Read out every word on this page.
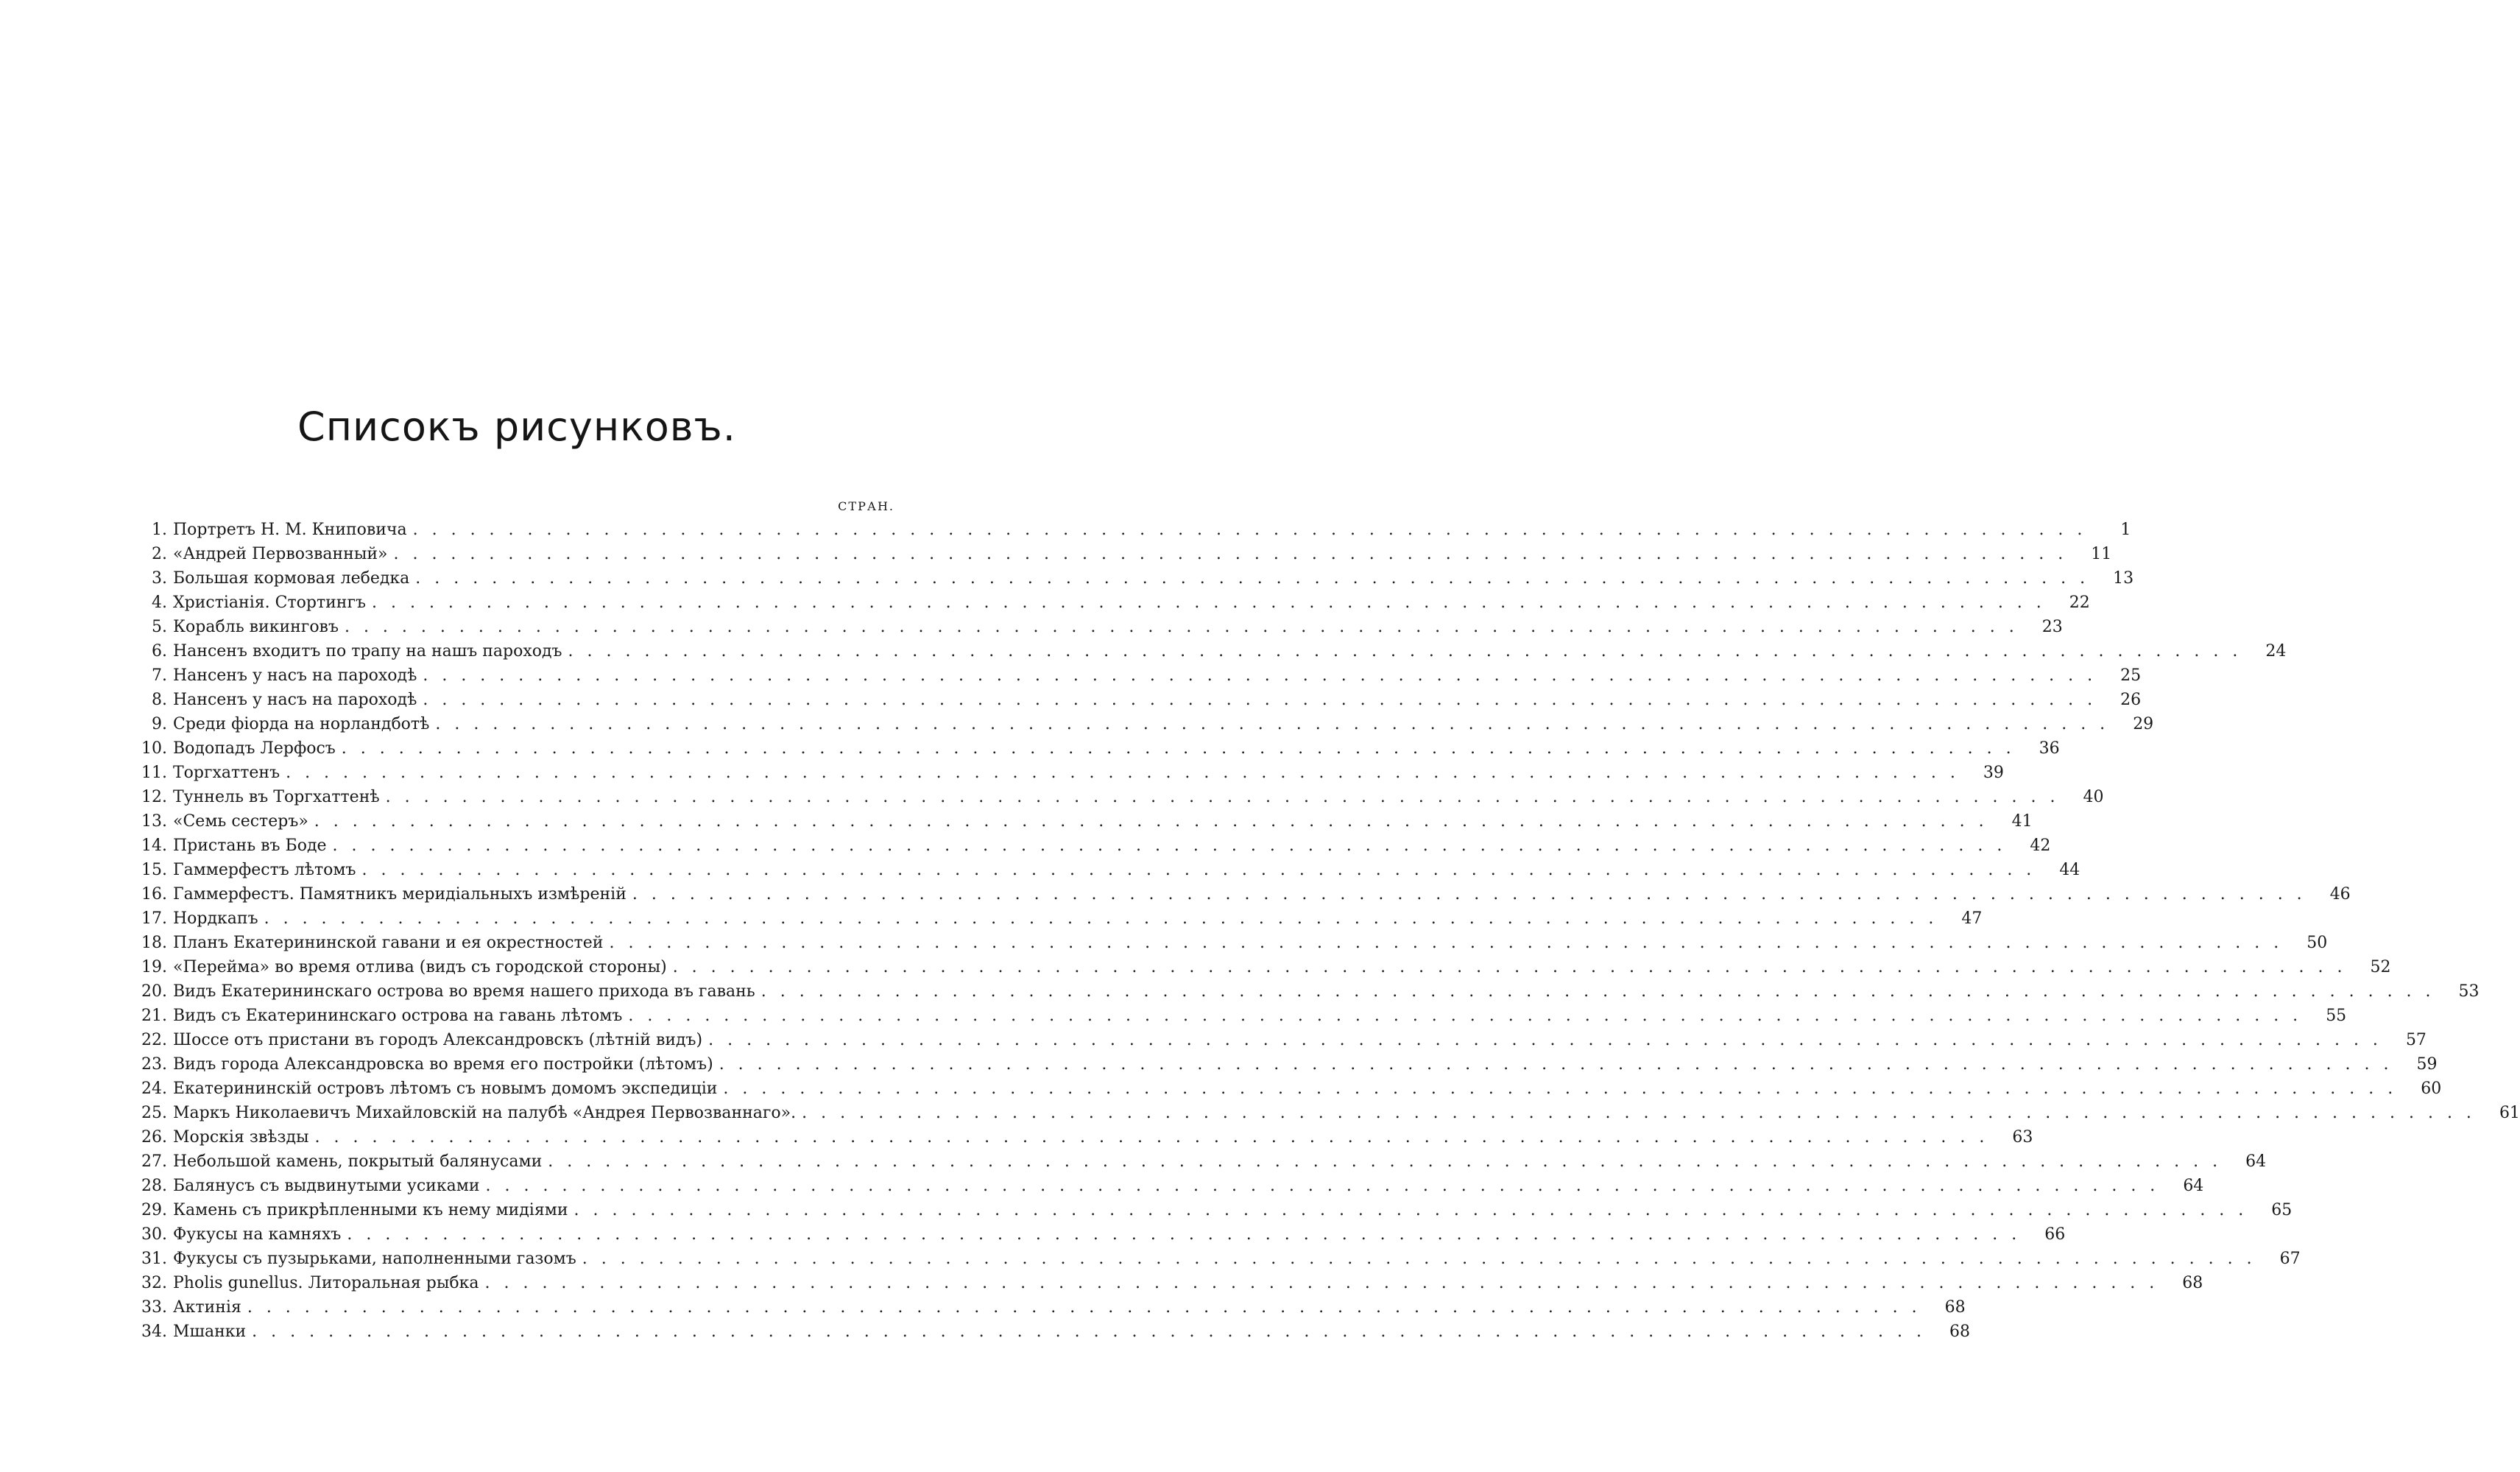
Списокъ рисунковъ.
СТРАН.
1. Портретъ Н. М. Книповича . . .	1
2. «Андрей Первозванный» . . .	11
3. Большая кормовая лебедка . . .	13
4. Христіанія. Стортингъ . . .	22
5. Корабль викинговъ . . .	23
6. Нансенъ входитъ по трапу на нашъ пароходъ . . .	24
7. Нансенъ у насъ на пароходѣ . . .	25
8. Нансенъ у насъ на пароходѣ . . .	26
9. Среди фіорда на норландботѣ . . .	29
10. Водопадъ Лерфосъ . . .	36
11. Торгхаттенъ . . .	39
12. Туннель въ Торгхаттенѣ . . .	40
13. «Семь сестеръ» . . .	41
14. Пристань въ Боде . . .	42
15. Гаммерфестъ лѣтомъ . . .	44
16. Гаммерфестъ. Памятникъ меридіальныхъ измѣреній . . .	46
17. Нордкапъ . . .	47
18. Планъ Екатерининской гавани и ея окрестностей . . .	50
19. «Переймa» во время отлива (видъ съ городской стороны) . . .	52
20. Видъ Екатерининскаго острова во время нашего прихода въ гавань . . .	53
21. Видъ съ Екатерининскаго острова на гавань лѣтомъ . . .	55
22. Шоссе отъ пристани въ городъ Александровскъ (лѣтній видъ) . . .	57
23. Видъ города Александровска во время его постройки (лѣтомъ) . . .	59
24. Екатерининскій островъ лѣтомъ съ новымъ домомъ экспедиціи . . .	60
25. Маркъ Николаевичъ Михайловскій на палубѣ «Андрея Первозваннаго». . . .	61
26. Морскія звѣзды . . .	63
27. Небольшой камень, покрытый балянусами . . .	64
28. Балянусъ съ выдвинутыми усиками . . .	64
29. Камень съ прикрѣпленными къ нему мидіями . . .	65
30. Фукусы на камняхъ . . .	66
31. Фукусы съ пузырьками, наполненными газомъ . . .	67
32. Pholis gunellus. Литоральная рыбка . . .	68
33. Актинія . . .	68
34. Мшанки . . .	68
